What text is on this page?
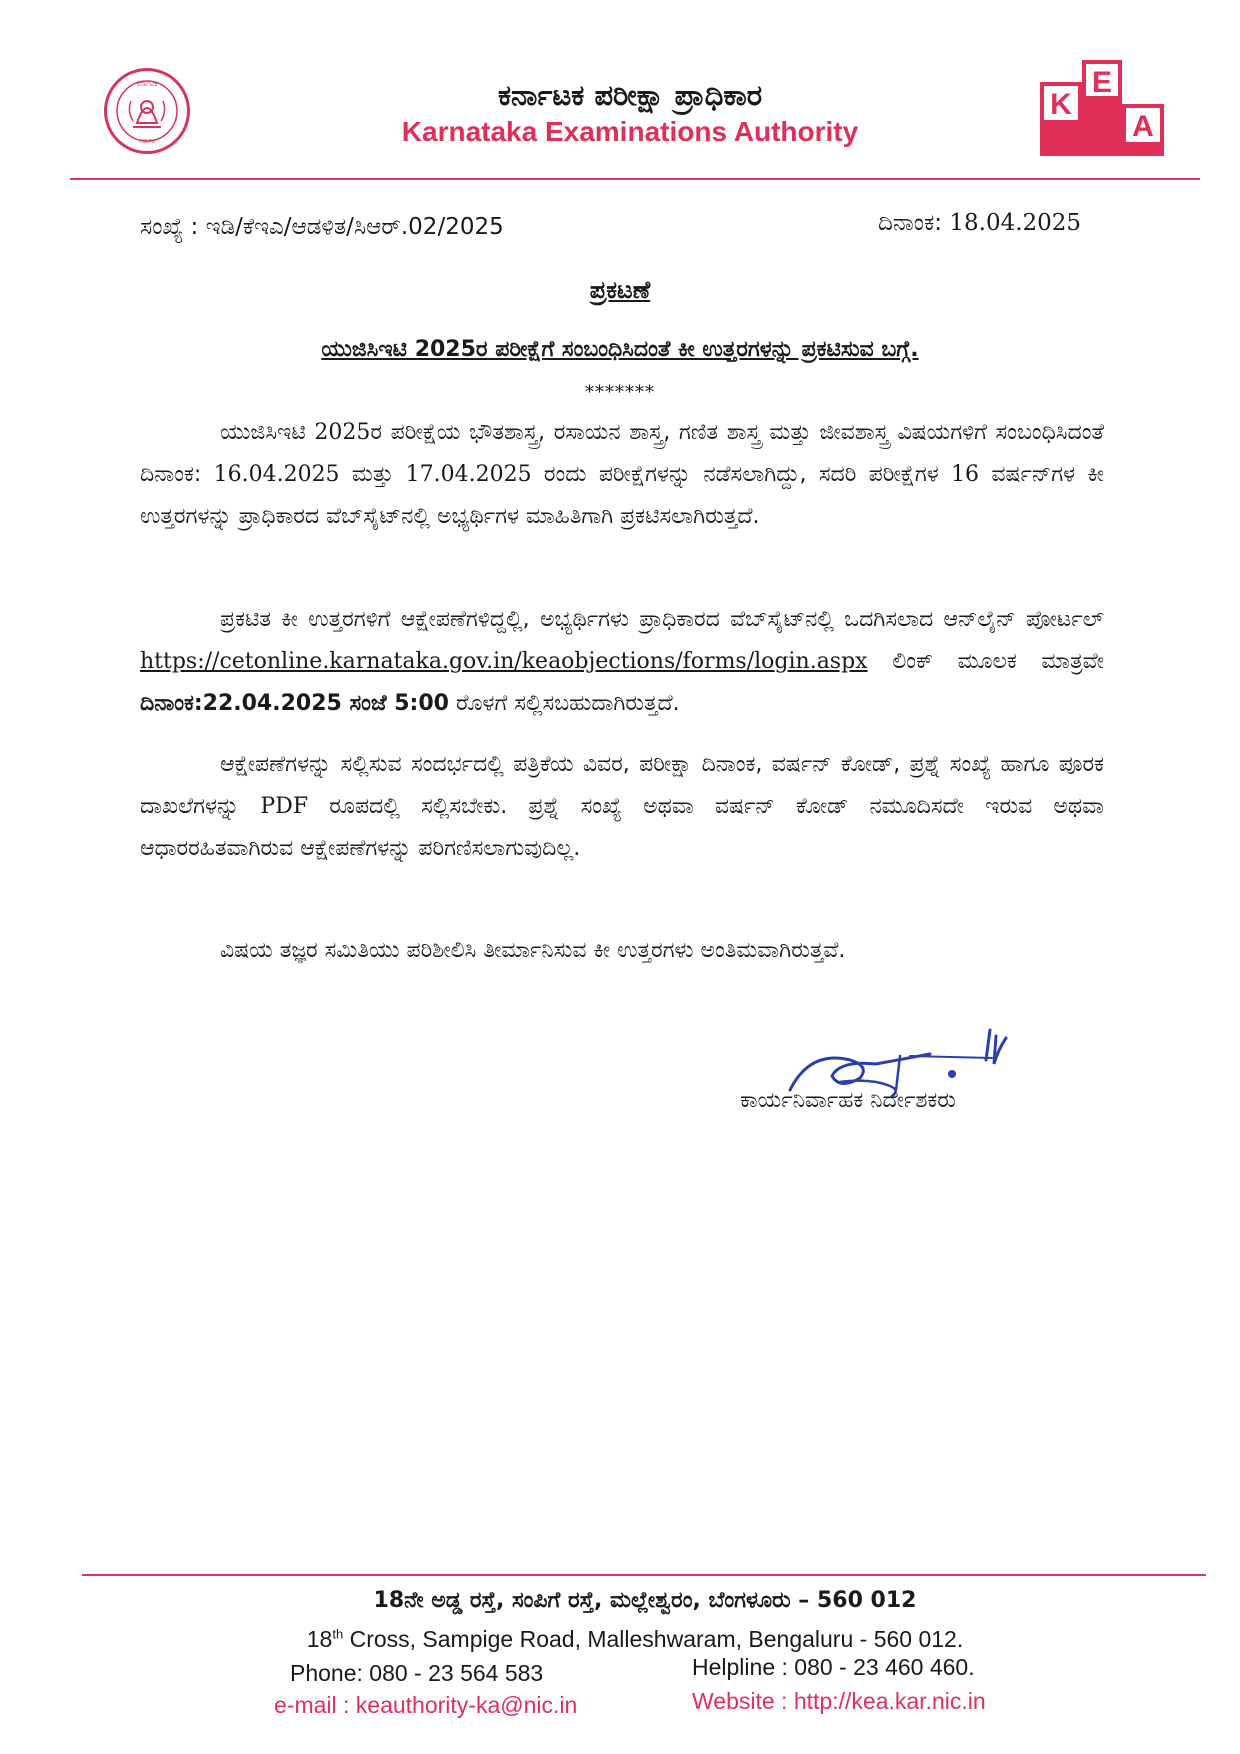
ಕರ್ನಾಟಕ
ಸರ್ಕಾರ
ಕರ್ನಾಟಕ ಪರೀಕ್ಷಾ ಪ್ರಾಧಿಕಾರ
Karnataka Examinations Authority
K
E
A
ಸಂಖ್ಯೆ : ಇಡಿ/ಕೆಇಎ/ಆಡಳಿತ/ಸಿಆರ್.02/2025	ದಿನಾಂಕ: 18.04.2025
ಪ್ರಕಟಣೆ
ಯುಜಿಸಿಇಟಿ 2025ರ ಪರೀಕ್ಷೆಗೆ ಸಂಬಂಧಿಸಿದಂತೆ ಕೀ ಉತ್ತರಗಳನ್ನು ಪ್ರಕಟಿಸುವ ಬಗ್ಗೆ.
*******
ಯುಜಿಸಿಇಟಿ 2025ರ ಪರೀಕ್ಷೆಯ ಭೌತಶಾಸ್ತ್ರ, ರಸಾಯನ ಶಾಸ್ತ್ರ, ಗಣಿತ ಶಾಸ್ತ್ರ ಮತ್ತು ಜೀವಶಾಸ್ತ್ರ ವಿಷಯಗಳಿಗೆ ಸಂಬಂಧಿಸಿದಂತೆ ದಿನಾಂಕ: 16.04.2025 ಮತ್ತು 17.04.2025 ರಂದು ಪರೀಕ್ಷೆಗಳನ್ನು ನಡೆಸಲಾಗಿದ್ದು, ಸದರಿ ಪರೀಕ್ಷೆಗಳ 16 ವರ್ಷನ್‌ಗಳ ಕೀ ಉತ್ತರಗಳನ್ನು ಪ್ರಾಧಿಕಾರದ ವೆಬ್‌ಸೈಟ್‌ನಲ್ಲಿ ಅಭ್ಯರ್ಥಿಗಳ ಮಾಹಿತಿಗಾಗಿ ಪ್ರಕಟಿಸಲಾಗಿರುತ್ತದೆ.
ಪ್ರಕಟಿತ ಕೀ ಉತ್ತರಗಳಿಗೆ ಆಕ್ಷೇಪಣೆಗಳಿದ್ದಲ್ಲಿ, ಅಭ್ಯರ್ಥಿಗಳು ಪ್ರಾಧಿಕಾರದ ವೆಬ್‌ಸೈಟ್‌ನಲ್ಲಿ ಒದಗಿಸಲಾದ ಆನ್‌ಲೈನ್ ಪೋರ್ಟಲ್ https://cetonline.karnataka.gov.in/keaobjections/forms/login.aspx ಲಿಂಕ್ ಮೂಲಕ ಮಾತ್ರವೇ ದಿನಾಂಕ:22.04.2025 ಸಂಜೆ 5:00 ರೊಳಗೆ ಸಲ್ಲಿಸಬಹುದಾಗಿರುತ್ತದೆ.
ಆಕ್ಷೇಪಣೆಗಳನ್ನು ಸಲ್ಲಿಸುವ ಸಂದರ್ಭದಲ್ಲಿ ಪತ್ರಿಕೆಯ ವಿವರ, ಪರೀಕ್ಷಾ ದಿನಾಂಕ, ವರ್ಷನ್ ಕೋಡ್, ಪ್ರಶ್ನೆ ಸಂಖ್ಯೆ ಹಾಗೂ ಪೂರಕ ದಾಖಲೆಗಳನ್ನು PDF ರೂಪದಲ್ಲಿ ಸಲ್ಲಿಸಬೇಕು. ಪ್ರಶ್ನೆ ಸಂಖ್ಯೆ ಅಥವಾ ವರ್ಷನ್ ಕೋಡ್ ನಮೂದಿಸದೇ ಇರುವ ಅಥವಾ ಆಧಾರರಹಿತವಾಗಿರುವ ಆಕ್ಷೇಪಣೆಗಳನ್ನು ಪರಿಗಣಿಸಲಾಗುವುದಿಲ್ಲ.
ವಿಷಯ ತಜ್ಞರ ಸಮಿತಿಯು ಪರಿಶೀಲಿಸಿ ತೀರ್ಮಾನಿಸುವ ಕೀ ಉತ್ತರಗಳು ಅಂತಿಮವಾಗಿರುತ್ತವೆ.
ಕಾರ್ಯನಿರ್ವಾಹಕ ನಿರ್ದೇಶಕರು
18ನೇ ಅಡ್ಡ ರಸ್ತೆ, ಸಂಪಿಗೆ ರಸ್ತೆ, ಮಲ್ಲೇಶ್ವರಂ, ಬೆಂಗಳೂರು – 560 012
18th Cross, Sampige Road, Malleshwaram, Bengaluru - 560 012.
Phone: 080 - 23 564 583	Helpline : 080 - 23 460 460.
e-mail : keauthority-ka@nic.in	Website : http://kea.kar.nic.in
